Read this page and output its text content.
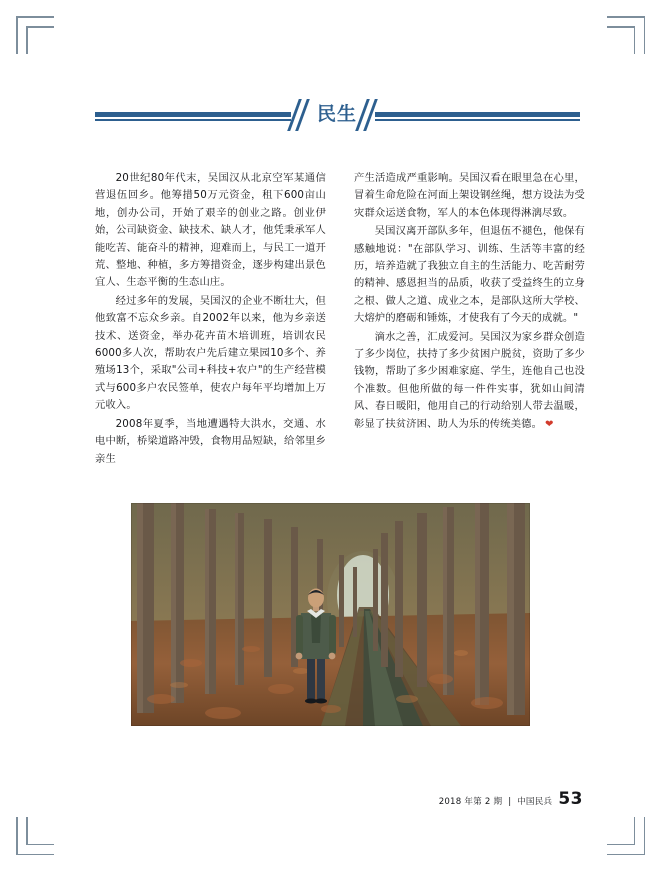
民生

20世纪80年代末，吴国汉从北京空军某通信营退伍回乡。他筹措50万元资金，租下600亩山地，创办公司，开始了艰辛的创业之路。创业伊始，公司缺资金、缺技术、缺人才，他凭秉承军人能吃苦、能奋斗的精神，迎难而上，与民工一道开荒、整地、种植，多方筹措资金，逐步构建出景色宜人、生态平衡的生态山庄。

经过多年的发展，吴国汉的企业不断壮大，但他致富不忘众乡亲。自2002年以来，他为乡亲送技术、送资金，举办花卉苗木培训班，培训农民6000多人次，帮助农户先后建立果园10多个、养殖场13个，采取"公司+科技+农户"的生产经营模式与600多户农民签单，使农户每年平均增加上万元收入。

2008年夏季，当地遭遇特大洪水，交通、水电中断，桥梁道路冲毁，食物用品短缺，给邻里乡亲生

产生活造成严重影响。吴国汉看在眼里急在心里，冒着生命危险在河面上架设钢丝绳，想方设法为受灾群众运送食物，军人的本色体现得淋漓尽致。

吴国汉离开部队多年，但退伍不褪色，他保有感触地说："在部队学习、训练、生活等丰富的经历，培养造就了我独立自主的生活能力、吃苦耐劳的精神、感恩担当的品质，收获了受益终生的立身之根、做人之道、成业之本，是部队这所大学校、大熔炉的磨砺和锤炼，才使我有了今天的成就。"

滴水之善，汇成爱河。吴国汉为家乡群众创造了多少岗位，扶持了多少贫困户脱贫，资助了多少钱物，帮助了多少困难家庭、学生，连他自己也没个准数。但他所做的每一件件实事，犹如山间清风、春日暖阳，他用自己的行动给别人带去温暖，彰显了扶贫济困、助人为乐的传统美德。 ❤

2018 年第 2 期 | 中国民兵 53
